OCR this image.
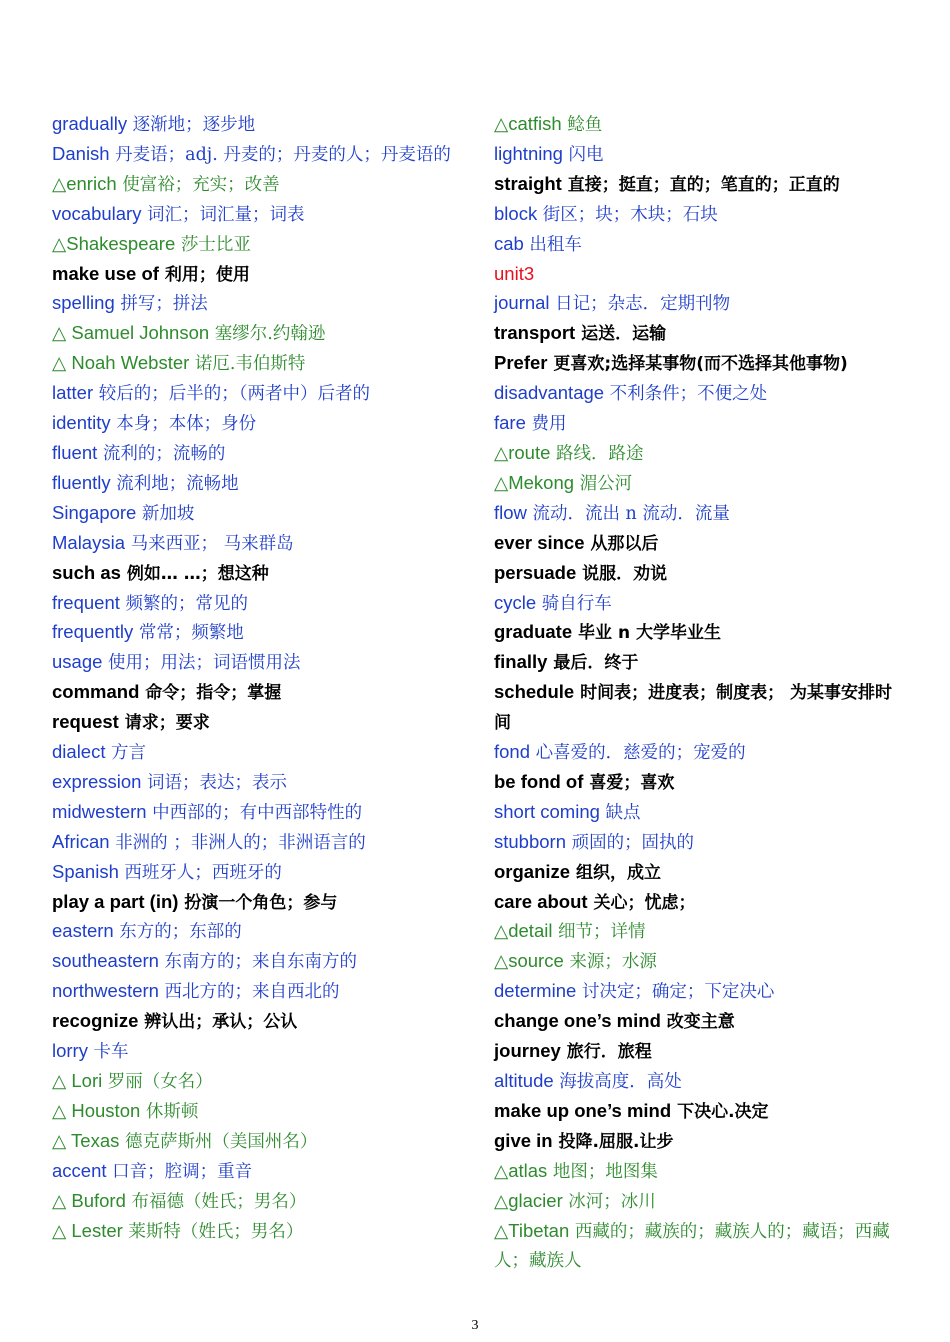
gradually 逐渐地；逐步地
Danish 丹麦语；adj. 丹麦的；丹麦的人；丹麦语的
△enrich 使富裕；充实；改善
vocabulary 词汇；词汇量；词表
△Shakespeare 莎士比亚
make use of 利用；使用
spelling 拼写；拼法
△ Samuel Johnson 塞缪尔.约翰逊
△ Noah Webster 诺厄.韦伯斯特
latter 较后的；后半的；（两者中）后者的
identity 本身；本体；身份
fluent 流利的；流畅的
fluently 流利地；流畅地
Singapore 新加坡
Malaysia 马来西亚； 马来群岛
such as 例如… …；想这种
frequent 频繁的；常见的
frequently 常常；频繁地
usage 使用；用法；词语惯用法
command 命令；指令；掌握
request 请求；要求
dialect 方言
expression 词语；表达；表示
midwestern 中西部的；有中西部特性的
African 非洲的 ；非洲人的；非洲语言的
Spanish 西班牙人；西班牙的
play a part (in) 扮演一个角色；参与
eastern 东方的；东部的
southeastern 东南方的；来自东南方的
northwestern 西北方的；来自西北的
recognize 辨认出；承认；公认
lorry 卡车
△ Lori 罗丽（女名）
△ Houston 休斯顿
△ Texas 德克萨斯州（美国州名）
accent 口音；腔调；重音
△ Buford 布福德（姓氏；男名）
△ Lester 莱斯特（姓氏；男名）
△catfish 鲶鱼
lightning 闪电
straight 直接；挺直；直的；笔直的；正直的
block 街区；块；木块；石块
cab 出租车
unit3
journal 日记；杂志．定期刊物
transport 运送．运输
Prefer 更喜欢;选择某事物(而不选择其他事物)
disadvantage 不利条件；不便之处
fare 费用
△route 路线．路途
△Mekong 湄公河
flow 流动．流出 n 流动．流量
ever since 从那以后
persuade 说服．劝说
cycle 骑自行车
graduate 毕业 n 大学毕业生
finally 最后．终于
schedule 时间表；进度表；制度表； 为某事安排时间
fond 心喜爱的．慈爱的；宠爱的
be fond of 喜爱；喜欢
short coming 缺点
stubborn 顽固的；固执的
organize 组织，成立
care about 关心；忧虑；
△detail 细节；详情
△source 来源；水源
determine 讨决定；确定；下定决心
change one’s mind 改变主意
journey 旅行．旅程
altitude 海拔高度．高处
make up one’s mind 下决心.决定
give in 投降.屈服.让步
△atlas 地图；地图集
△glacier 冰河；冰川
△Tibetan 西藏的；藏族的；藏族人的；藏语；西藏人；藏族人
3
